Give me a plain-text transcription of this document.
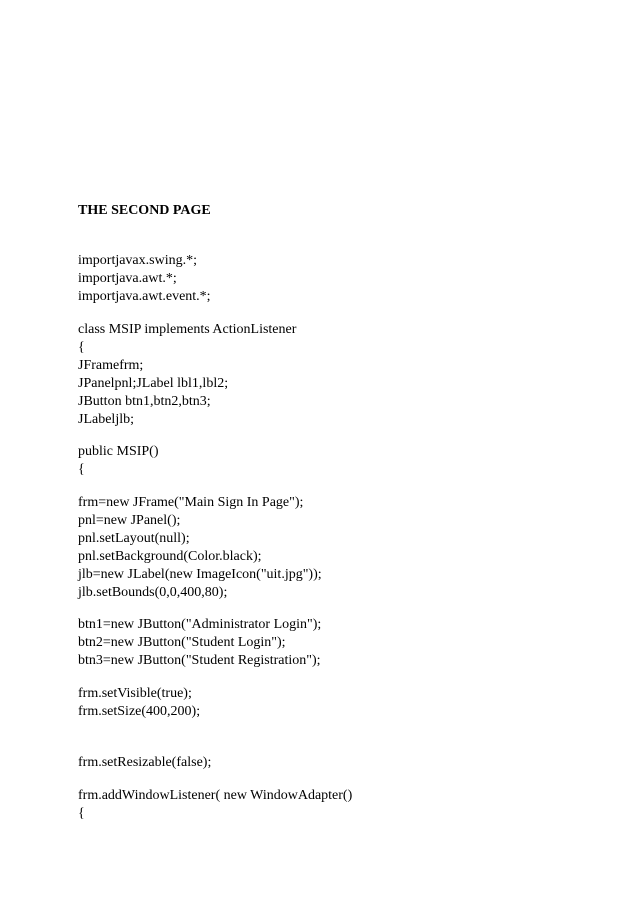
THE SECOND PAGE
importjavax.swing.*;
importjava.awt.*;
importjava.awt.event.*;
class MSIP implements ActionListener
{
JFramefrm;
JPanelpnl;JLabel lbl1,lbl2;
JButton btn1,btn2,btn3;
JLabeljlb;
public MSIP()
{
frm=new JFrame("Main Sign In Page");
pnl=new JPanel();
pnl.setLayout(null);
pnl.setBackground(Color.black);
jlb=new JLabel(new ImageIcon("uit.jpg"));
jlb.setBounds(0,0,400,80);
btn1=new JButton("Administrator Login");
btn2=new JButton("Student Login");
btn3=new JButton("Student Registration");
frm.setVisible(true);
frm.setSize(400,200);
frm.setResizable(false);
frm.addWindowListener( new WindowAdapter()
{
